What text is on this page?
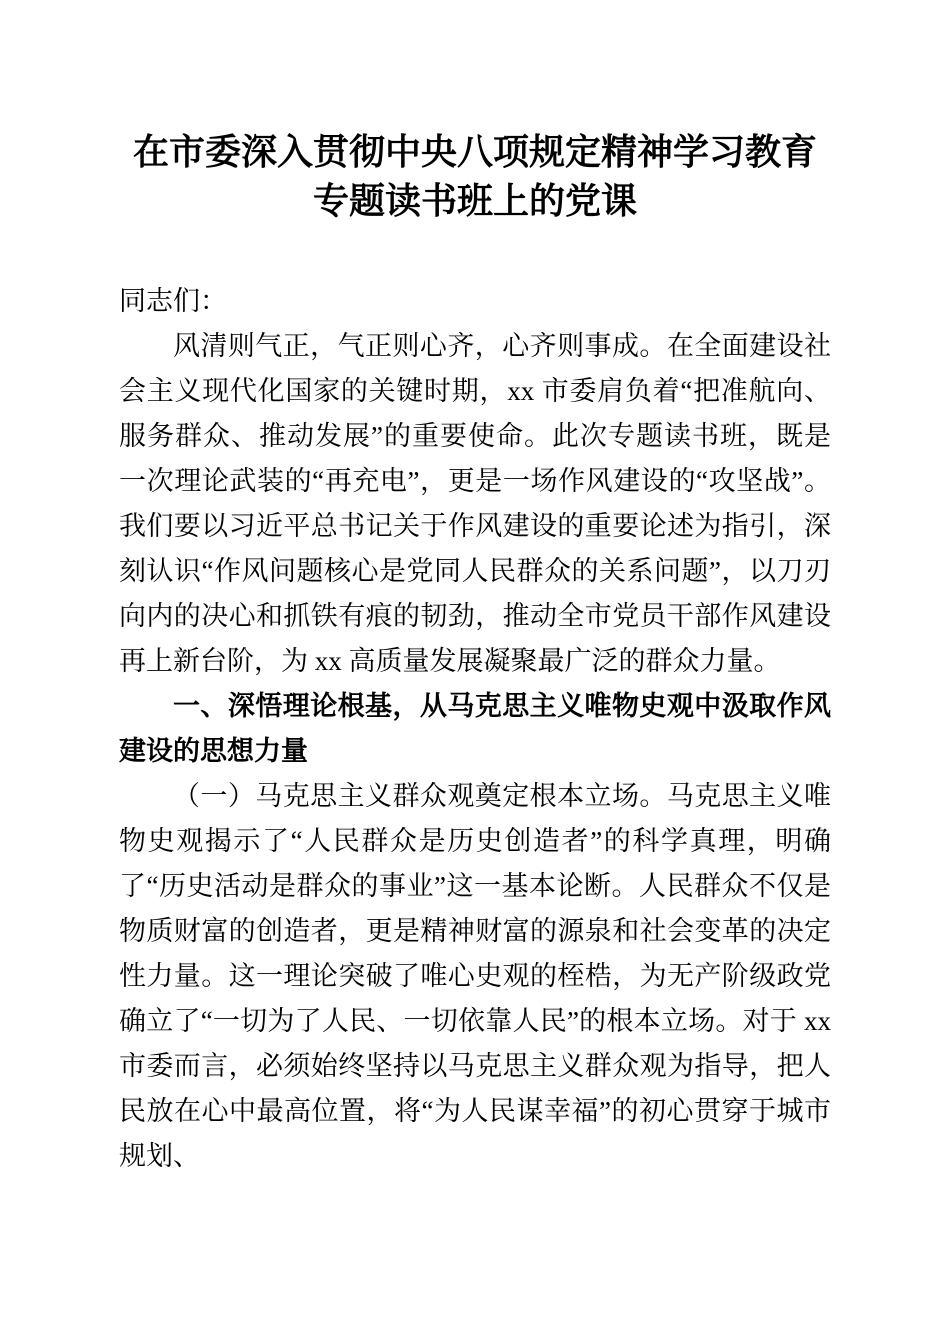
在市委深入贯彻中央八项规定精神学习教育专题读书班上的党课

同志们：

风清则气正，气正则心齐，心齐则事成。在全面建设社会主义现代化国家的关键时期，xx 市委肩负着“把准航向、服务群众、推动发展”的重要使命。此次专题读书班，既是一次理论武装的“再充电”，更是一场作风建设的“攻坚战”。我们要以习近平总书记关于作风建设的重要论述为指引，深刻认识“作风问题核心是党同人民群众的关系问题”，以刀刃向内的决心和抓铁有痕的韧劲，推动全市党员干部作风建设再上新台阶，为 xx 高质量发展凝聚最广泛的群众力量。

一、深悟理论根基，从马克思主义唯物史观中汲取作风建设的思想力量

（一）马克思主义群众观奠定根本立场。马克思主义唯物史观揭示了“人民群众是历史创造者”的科学真理，明确了“历史活动是群众的事业”这一基本论断。人民群众不仅是物质财富的创造者，更是精神财富的源泉和社会变革的决定性力量。这一理论突破了唯心史观的桎梏，为无产阶级政党确立了“一切为了人民、一切依靠人民”的根本立场。对于 xx 市委而言，必须始终坚持以马克思主义群众观为指导，把人民放在心中最高位置，将“为人民谋幸福”的初心贯穿于城市规划、
